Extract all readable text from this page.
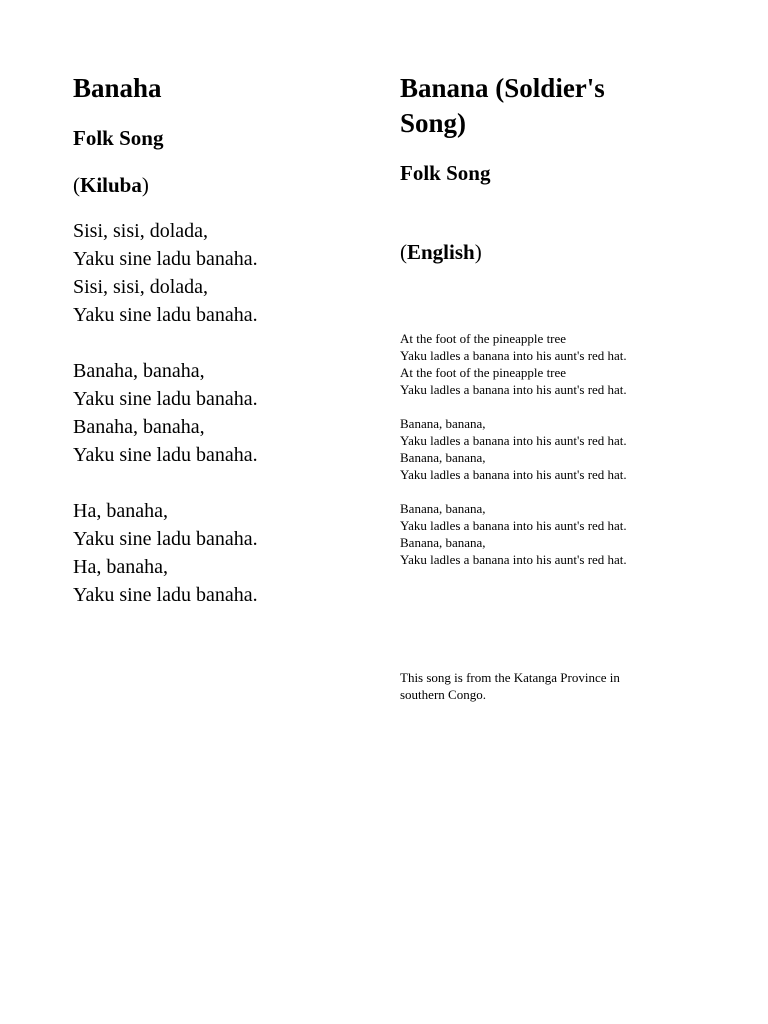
Banaha
Folk Song
(Kiluba)
Sisi, sisi, dolada,
Yaku sine ladu banaha.
Sisi, sisi, dolada,
Yaku sine ladu banaha.
Banaha, banaha,
Yaku sine ladu banaha.
Banaha, banaha,
Yaku sine ladu banaha.
Ha, banaha,
Yaku sine ladu banaha.
Ha, banaha,
Yaku sine ladu banaha.
Banana (Soldier's
Song)
Folk Song
(English)
At the foot of the pineapple tree
Yaku ladles a banana into his aunt's red hat.
At the foot of the pineapple tree
Yaku ladles a banana into his aunt's red hat.
Banana, banana,
Yaku ladles a banana into his aunt's red hat.
Banana, banana,
Yaku ladles a banana into his aunt's red hat.
Banana, banana,
Yaku ladles a banana into his aunt's red hat.
Banana, banana,
Yaku ladles a banana into his aunt's red hat.
This song is from the Katanga Province in
southern Congo.
